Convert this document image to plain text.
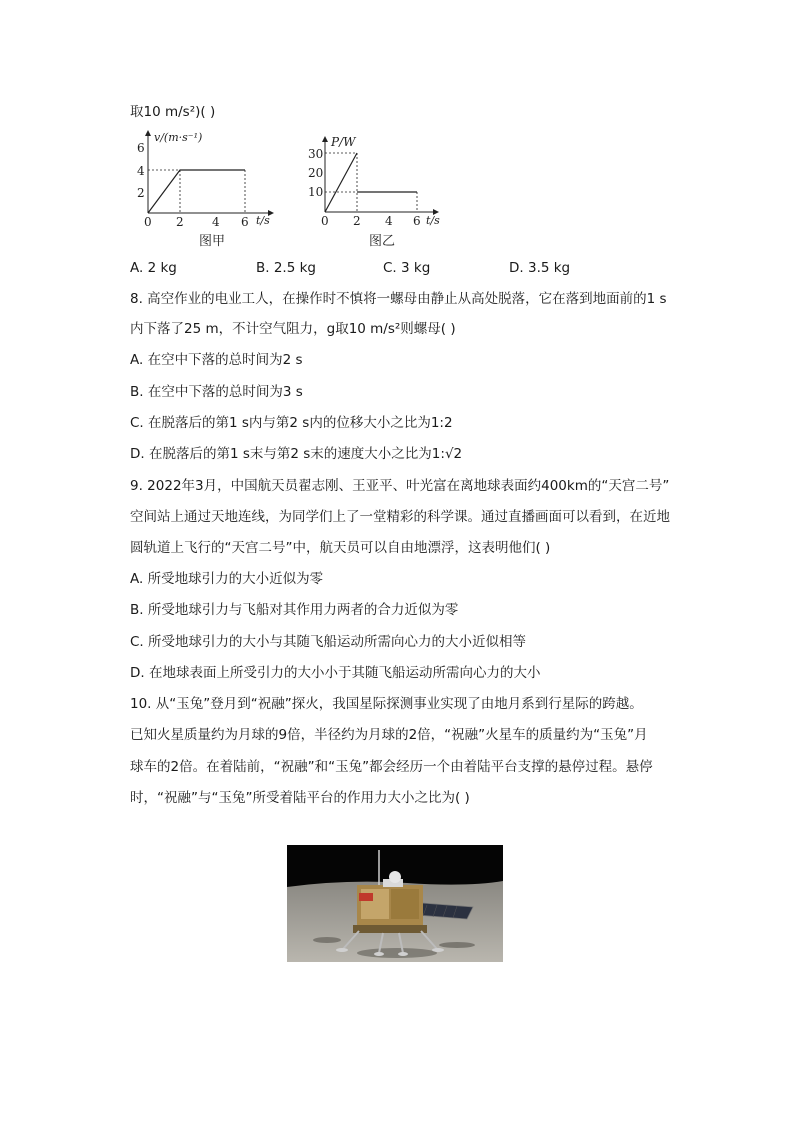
取10 m/s²)( )
v/(m·s⁻¹)
t/s
6
4
2
0 2 4 6
图甲
P/W
t/s
30
20
10
0 2 4 6
图乙
A. 2 kg	B. 2.5 kg	C. 3 kg	D. 3.5 kg
8. 高空作业的电业工人，在操作时不慎将一螺母由静止从高处脱落，它在落到地面前的1 s
内下落了25 m，不计空气阻力，g取10 m/s²则螺母( )
A. 在空中下落的总时间为2 s
B. 在空中下落的总时间为3 s
C. 在脱落后的第1 s内与第2 s内的位移大小之比为1:2
D. 在脱落后的第1 s末与第2 s末的速度大小之比为1:√2
9. 2022年3月，中国航天员翟志刚、王亚平、叶光富在离地球表面约400km的“天宫二号”
空间站上通过天地连线，为同学们上了一堂精彩的科学课。通过直播画面可以看到，在近地
圆轨道上飞行的“天宫二号”中，航天员可以自由地漂浮，这表明他们( )
A. 所受地球引力的大小近似为零
B. 所受地球引力与飞船对其作用力两者的合力近似为零
C. 所受地球引力的大小与其随飞船运动所需向心力的大小近似相等
D. 在地球表面上所受引力的大小小于其随飞船运动所需向心力的大小
10. 从“玉兔”登月到“祝融”探火，我国星际探测事业实现了由地月系到行星际的跨越。
已知火星质量约为月球的9倍，半径约为月球的2倍，“祝融”火星车的质量约为“玉兔”月
球车的2倍。在着陆前，“祝融”和“玉兔”都会经历一个由着陆平台支撑的悬停过程。悬停
时，“祝融”与“玉兔”所受着陆平台的作用力大小之比为( )
